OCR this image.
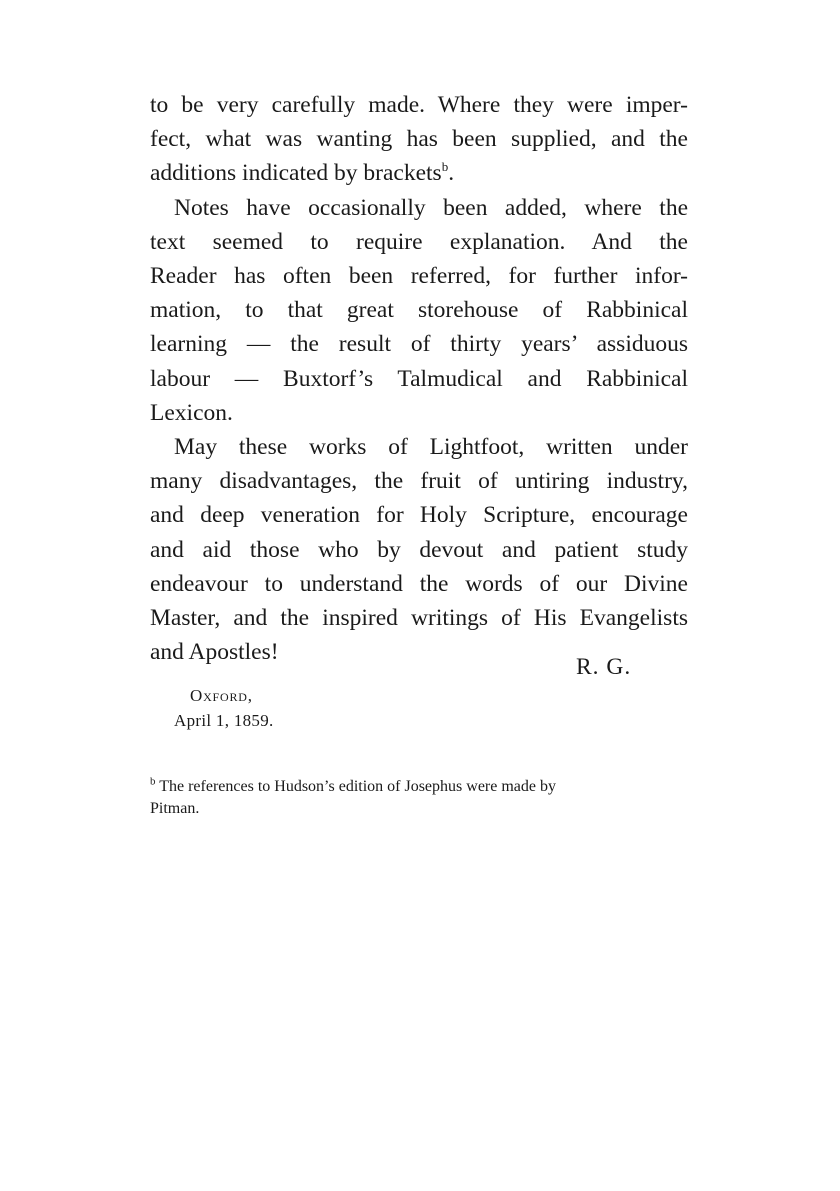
to be very carefully made. Where they were imper-
fect, what was wanting has been supplied, and the
additions indicated by brackets$^b$.
Notes have occasionally been added, where the
text seemed to require explanation. And the
Reader has often been referred, for further infor-
mation, to that great storehouse of Rabbinical
learning — the result of thirty years’ assiduous
labour — Buxtorf’s Talmudical and Rabbinical
Lexicon.
May these works of Lightfoot, written under
many disadvantages, the fruit of untiring industry,
and deep veneration for Holy Scripture, encourage
and aid those who by devout and patient study
endeavour to understand the words of our Divine
Master, and the inspired writings of His Evangelists
and Apostles!
R. G.
Oxford,
April 1, 1859.
$^b$ The references to Hudson’s edition of Josephus were made by
Pitman.
